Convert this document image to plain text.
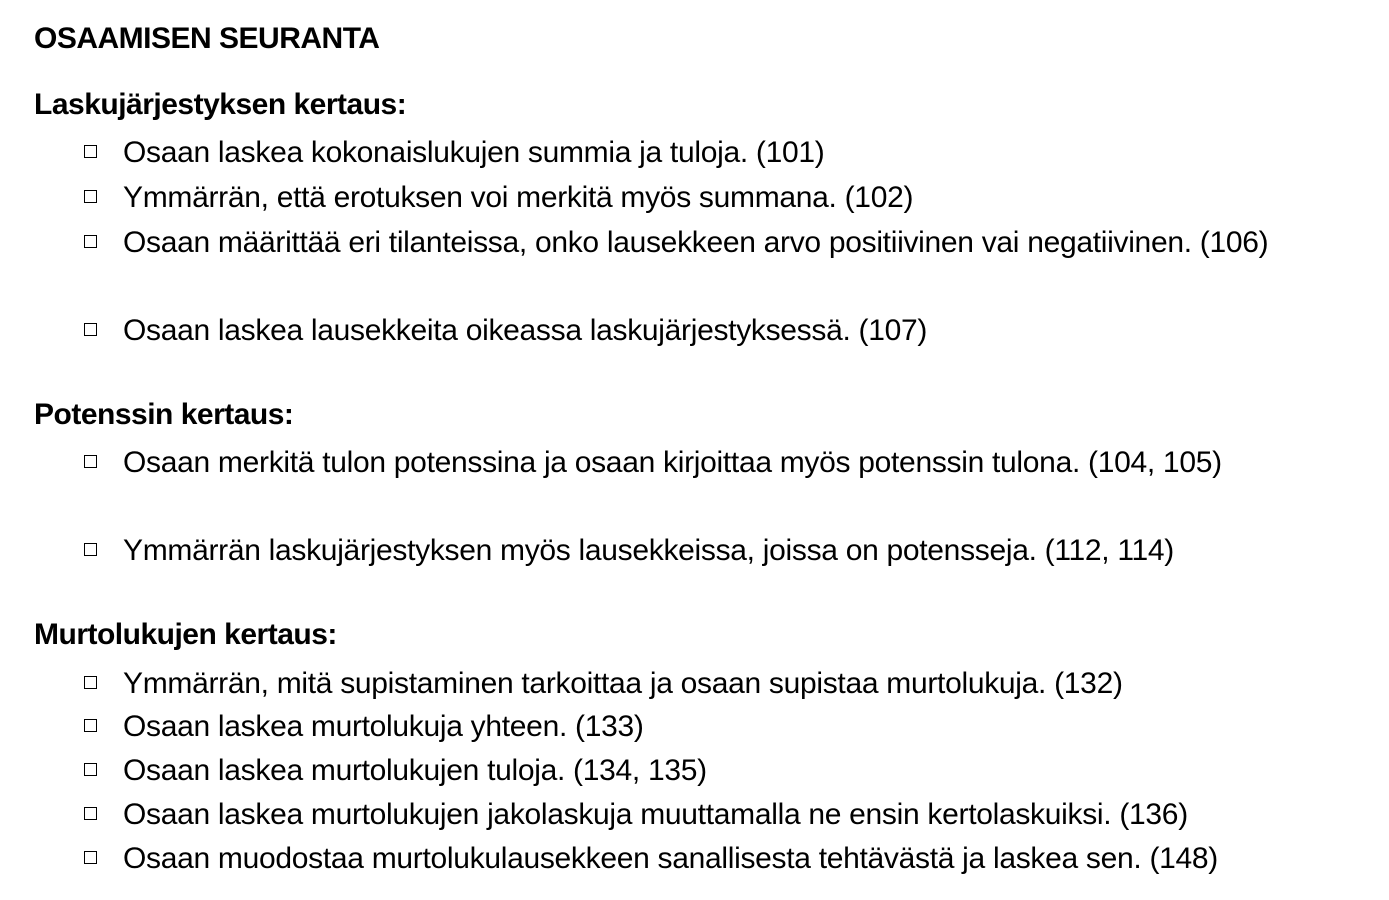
OSAAMISEN SEURANTA
Laskujärjestyksen kertaus:
Osaan laskea kokonaislukujen summia ja tuloja. (101)
Ymmärrän, että erotuksen voi merkitä myös summana. (102)
Osaan määrittää eri tilanteissa, onko lausekkeen arvo positiivinen vai negatiivinen. (106)
Osaan laskea lausekkeita oikeassa laskujärjestyksessä. (107)
Potenssin kertaus:
Osaan merkitä tulon potenssina ja osaan kirjoittaa myös potenssin tulona. (104, 105)
Ymmärrän laskujärjestyksen myös lausekkeissa, joissa on potensseja. (112, 114)
Murtolukujen kertaus:
Ymmärrän, mitä supistaminen tarkoittaa ja osaan supistaa murtolukuja. (132)
Osaan laskea murtolukuja yhteen. (133)
Osaan laskea murtolukujen tuloja. (134, 135)
Osaan laskea murtolukujen jakolaskuja muuttamalla ne ensin kertolaskuiksi. (136)
Osaan muodostaa murtolukulausekkeen sanallisesta tehtävästä ja laskea sen. (148)
